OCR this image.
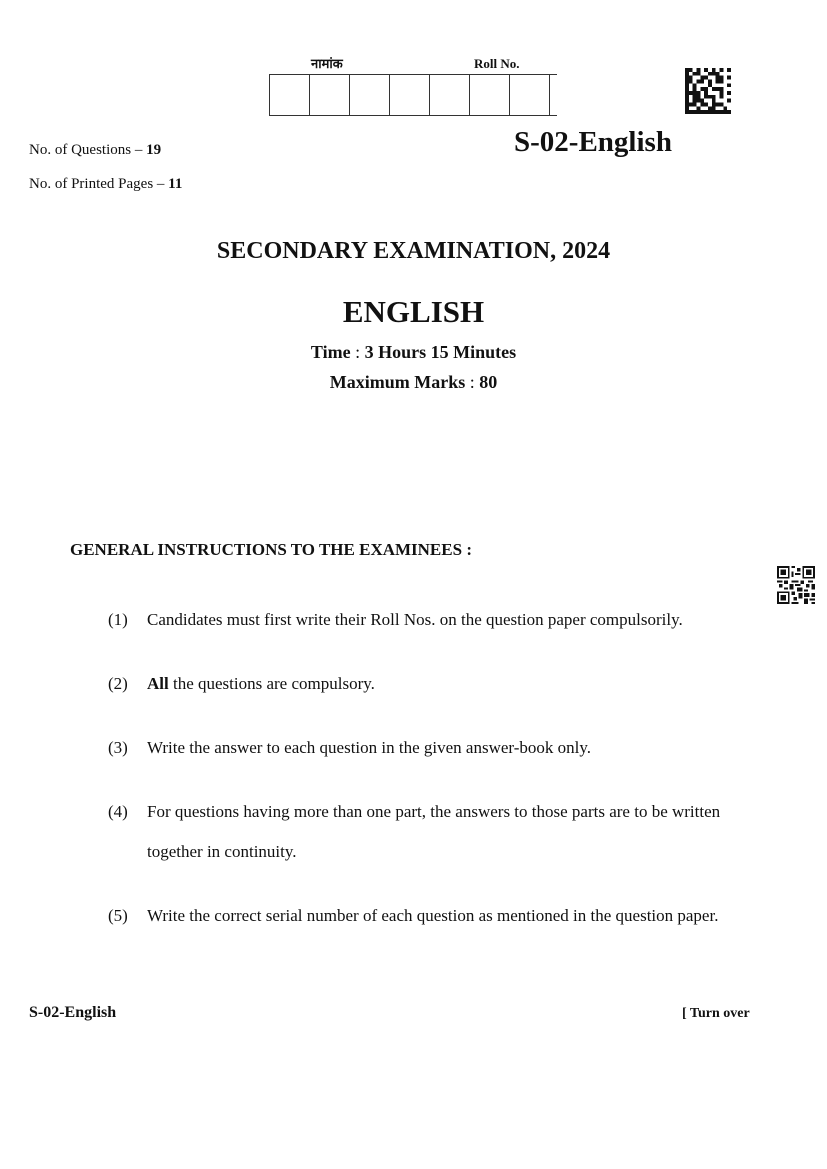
नामांक	Roll No.
No. of Questions – 19
No. of Printed Pages – 11
S-02-English
SECONDARY EXAMINATION, 2024
ENGLISH
Time : 3 Hours 15 Minutes
Maximum Marks : 80
GENERAL INSTRUCTIONS TO THE EXAMINEES :
(1) Candidates must first write their Roll Nos. on the question paper compulsorily.
(2) All the questions are compulsory.
(3) Write the answer to each question in the given answer-book only.
(4) For questions having more than one part, the answers to those parts are to be written together in continuity.
(5) Write the correct serial number of each question as mentioned in the question paper.
S-02-English	[ Turn over
